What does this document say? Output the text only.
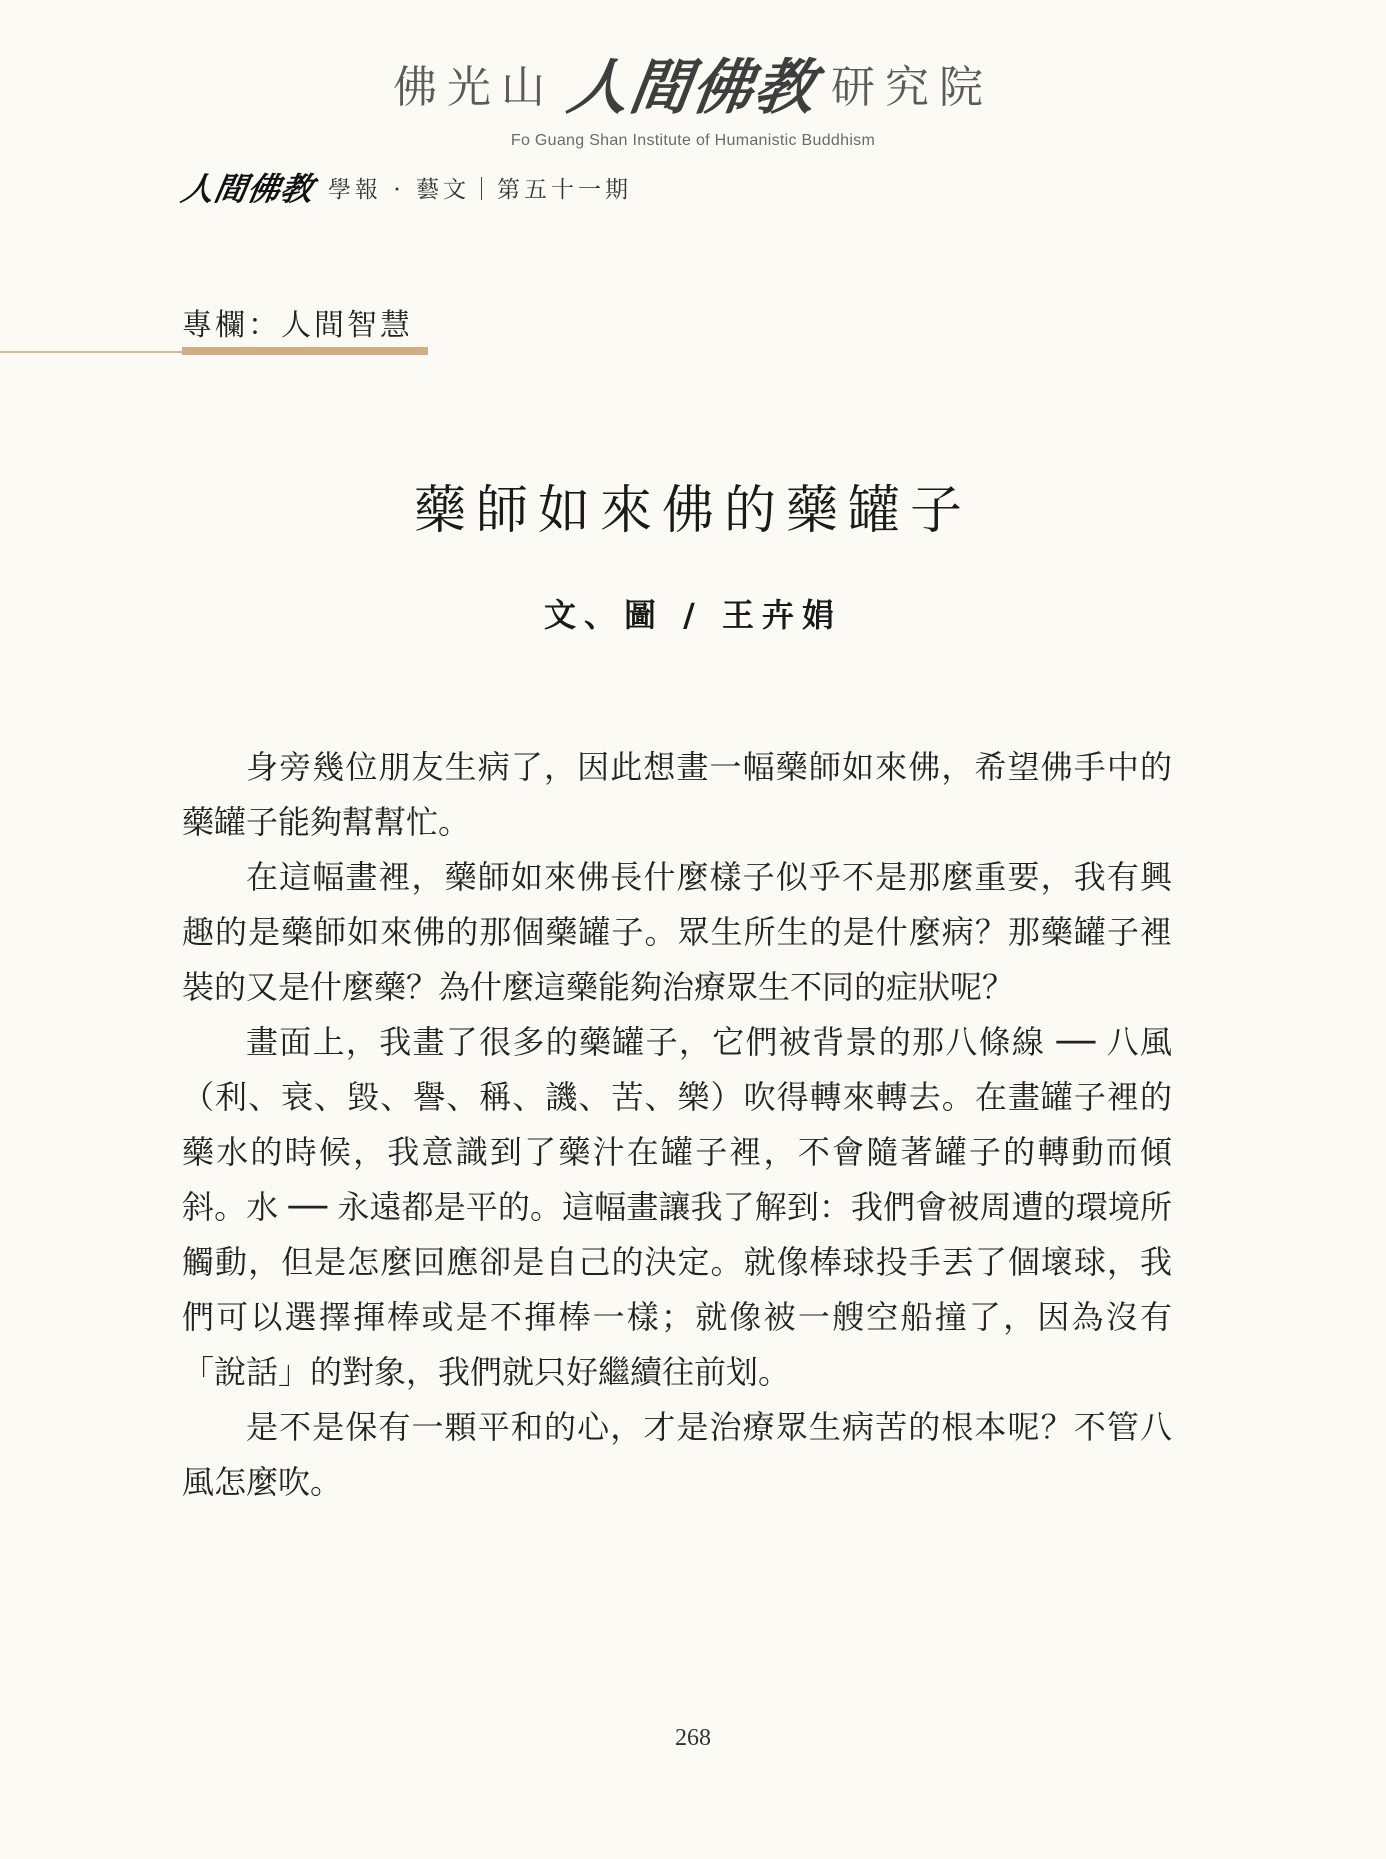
佛光山 人間佛教 研究院
Fo Guang Shan Institute of Humanistic Buddhism
人間佛教 學報 · 藝文｜第五十一期
專欄：人間智慧
藥師如來佛的藥罐子
文、圖 / 王卉娟

身旁幾位朋友生病了，因此想畫一幅藥師如來佛，希望佛手中的藥罐子能夠幫幫忙。

在這幅畫裡，藥師如來佛長什麼樣子似乎不是那麼重要，我有興趣的是藥師如來佛的那個藥罐子。眾生所生的是什麼病？那藥罐子裡裝的又是什麼藥？為什麼這藥能夠治療眾生不同的症狀呢？

畫面上，我畫了很多的藥罐子，它們被背景的那八條線 ── 八風（利、衰、毀、譽、稱、譏、苦、樂）吹得轉來轉去。在畫罐子裡的藥水的時候，我意識到了藥汁在罐子裡，不會隨著罐子的轉動而傾斜。水 ── 永遠都是平的。這幅畫讓我了解到：我們會被周遭的環境所觸動，但是怎麼回應卻是自己的決定。就像棒球投手丟了個壞球，我們可以選擇揮棒或是不揮棒一樣；就像被一艘空船撞了，因為沒有「說話」的對象，我們就只好繼續往前划。

是不是保有一顆平和的心，才是治療眾生病苦的根本呢？不管八風怎麼吹。

268
